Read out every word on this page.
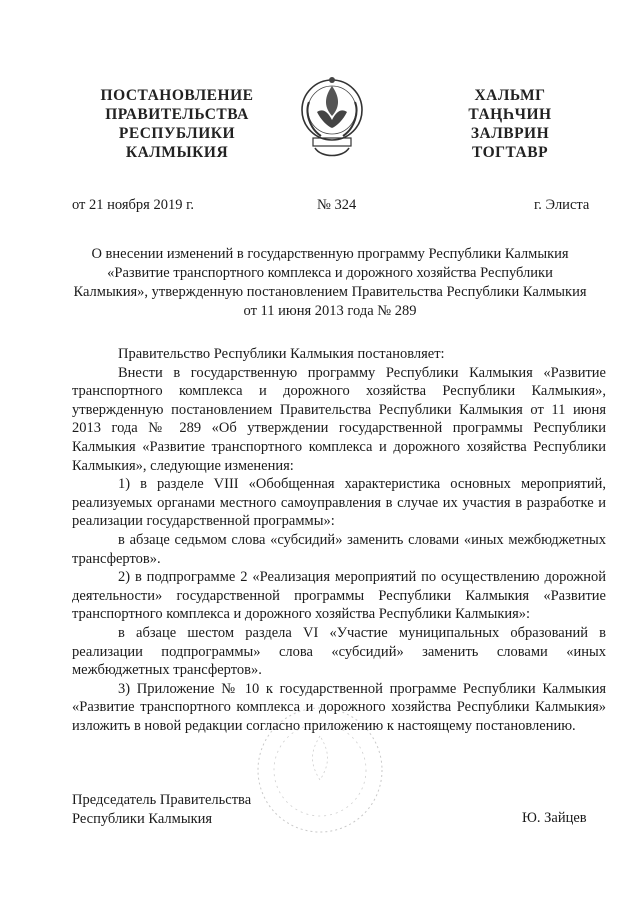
ПОСТАНОВЛЕНИЕ
ПРАВИТЕЛЬСТВА
РЕСПУБЛИКИ
КАЛМЫКИЯ
ХАЛЬМГ
ТАҢҺЧИН
ЗАЛВРИН
ТОГТАВР
от 21 ноября 2019 г.	№ 324	г. Элиста
О внесении изменений в государственную программу Республики Калмыкия
«Развитие транспортного комплекса и дорожного хозяйства Республики
Калмыкия», утвержденную постановлением Правительства Республики Калмыкия
от 11 июня 2013 года № 289

Правительство Республики Калмыкия постановляет:

Внести в государственную программу Республики Калмыкия «Развитие транспортного комплекса и дорожного хозяйства Республики Калмыкия», утвержденную постановлением Правительства Республики Калмыкия от 11 июня 2013 года № 289 «Об утверждении государственной программы Республики Калмыкия «Развитие транспортного комплекса и дорожного хозяйства Республики Калмыкия», следующие изменения:

1) в разделе VIII «Обобщенная характеристика основных мероприятий, реализуемых органами местного самоуправления в случае их участия в разработке и реализации государственной программы»:

в абзаце седьмом слова «субсидий» заменить словами «иных межбюджетных трансфертов».

2) в подпрограмме 2 «Реализация мероприятий по осуществлению дорожной деятельности» государственной программы Республики Калмыкия «Развитие транспортного комплекса и дорожного хозяйства Республики Калмыкия»:

в абзаце шестом раздела VI «Участие муниципальных образований в реализации подпрограммы» слова «субсидий» заменить словами «иных межбюджетных трансфертов».

3) Приложение № 10 к государственной программе Республики Калмыкия «Развитие транспортного комплекса и дорожного хозяйства Республики Калмыкия» изложить в новой редакции согласно приложению к настоящему постановлению.

Председатель Правительства
Республики Калмыкия	Ю. Зайцев
